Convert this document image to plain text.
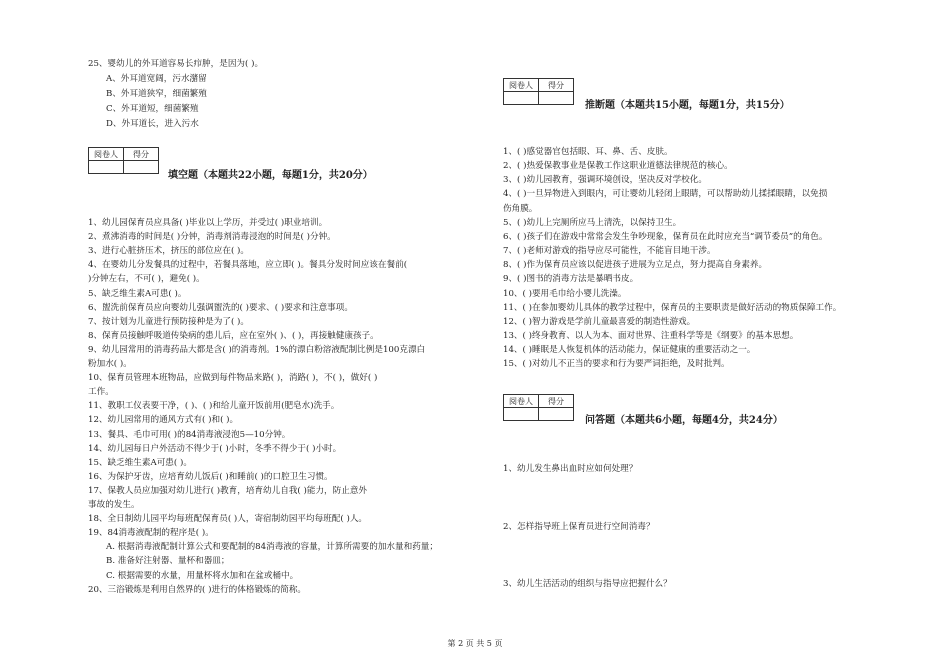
25、婴幼儿的外耳道容易长疖肿，是因为( )。
A、外耳道宽阔，污水潴留
B、外耳道狭窄，细菌繁殖
C、外耳道短，细菌繁殖
D、外耳道长，进入污水
阅卷人	得分

填空题（本题共22小题，每题1分，共20分）
1、幼儿园保育员应具备( )毕业以上学历，并受过( )职业培训。
2、煮沸消毒的时间是( )分钟，消毒剂消毒浸泡的时间是( )分钟。
3、进行心脏挤压术，挤压的部位应在( )。
4、在婴幼儿分发餐具的过程中，若餐具落地，应立即( )。餐具分发时间应该在餐前(
)分钟左右，不可( )，避免( )。
5、缺乏维生素A可患( )。
6、盥洗前保育员应向婴幼儿强调盥洗的( )要求、( )要求和注意事项。
7、按计划为儿童进行预防接种是为了( )。
8、保育员接触呼吸道传染病的患儿后，应在室外( )、( )，再接触健康孩子。
9、幼儿园常用的消毒药品大都是含( )的消毒剂。1%的漂白粉溶液配制比例是100克漂白
粉加水( )。
10、保育员管理本班物品，应做到每件物品来路( )，消路( )，不( )，做好( )
工作。
11、教职工仪表要干净，( )、( )和给儿童开饭前用(肥皂水)洗手。
12、幼儿园常用的通风方式有( )和( )。
13、餐具、毛巾可用( )的84消毒液浸泡5—10分钟。
14、幼儿园每日户外活动不得少于( )小时，冬季不得少于( )小时。
15、缺乏维生素A可患( )。
16、为保护牙齿，应培育幼儿饭后( )和睡前( )的口腔卫生习惯。
17、保教人员应加强对幼儿进行( )教育，培育幼儿自我( )能力，防止意外
事故的发生。
18、全日制幼儿园平均每班配保育员( )人，寄宿制幼园平均每班配( )人。
19、84消毒液配制的程序是( )。
A. 根据消毒液配制计算公式和要配制的84消毒液的容量，计算所需要的加水量和药量；
B. 准备好注射器、量杯和器皿；
C. 根据需要的水量，用量杯将水加和在盆或桶中。
20、三浴锻炼是利用自然界的( )进行的体格锻炼的简称。
阅卷人	得分

推断题（本题共15小题，每题1分，共15分）
1、( )感觉器官包括眼、耳、鼻、舌、皮肤。
2、( )热爱保教事业是保教工作这职业道德法律规范的核心。
3、( )幼儿园教育，强调环境创设，坚决反对学校化。
4、( )一旦异物进入到眼内，可让婴幼儿轻闭上眼睛，可以帮助幼儿揉揉眼睛，以免损
伤角膜。
5、( )幼儿上完厕所应马上清洗，以保持卫生。
6、( )孩子们在游戏中常常会发生争吵现象，保育员在此时应充当“调节委员”的角色。
7、( )老师对游戏的指导应尽可能性，不能盲目地干涉。
8、( )作为保育员应该以促进孩子进展为立足点，努力提高自身素养。
9、( )图书的消毒方法是暴晒书皮。
10、( )要用毛巾给小婴儿洗澡。
11、( )在参加婴幼儿具体的教学过程中，保育员的主要职责是做好活动的物质保障工作。
12、( )智力游戏是学前儿童最喜爱的制造性游戏。
13、( )终身教育、以人为本、面对世界、注重科学等是《纲要》的基本思想。
14、( )睡眠是人恢复机体的活动能力，保证健康的重要活动之一。
15、( )对幼儿不正当的要求和行为要严词拒绝，及时批判。
阅卷人	得分

问答题（本题共6小题，每题4分，共24分）
1、幼儿发生鼻出血时应如何处理？
2、怎样指导班上保育员进行空间消毒？
3、幼儿生活活动的组织与指导应把握什么？
第 2 页 共 5 页
